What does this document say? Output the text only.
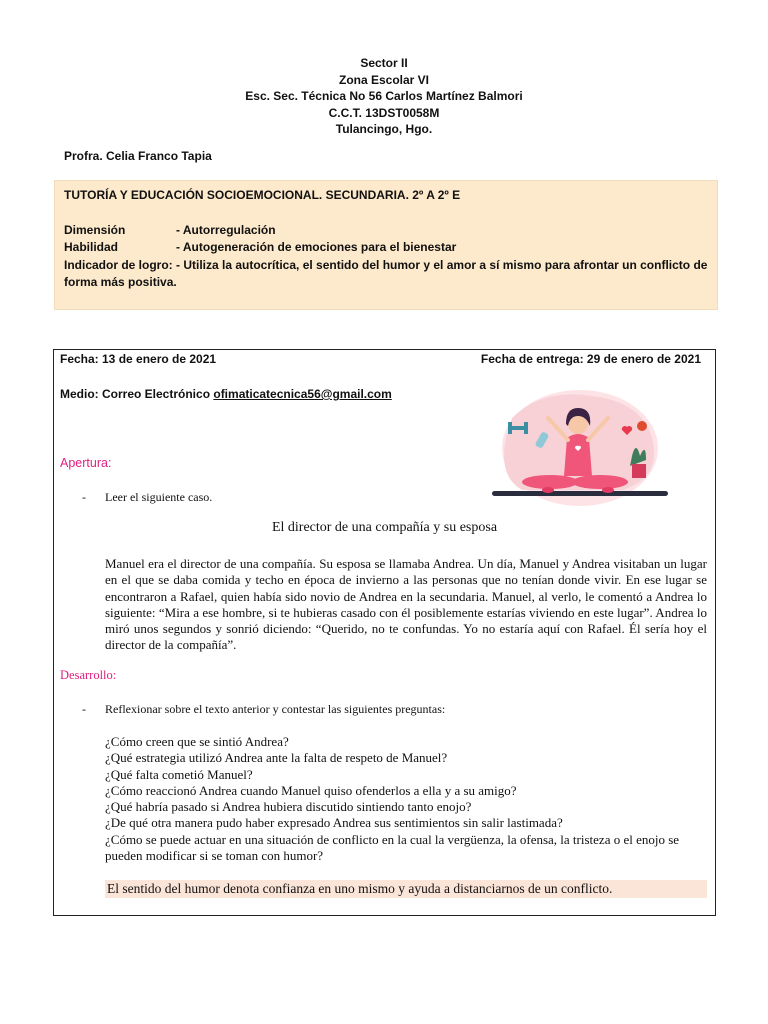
Sector II
Zona Escolar VI
Esc. Sec. Técnica No 56 Carlos Martínez Balmori
C.C.T. 13DST0058M
Tulancingo, Hgo.
Profra. Celia Franco Tapia
TUTORÍA Y EDUCACIÓN SOCIOEMOCIONAL. SECUNDARIA. 2º A 2º E
Dimensión	- Autorregulación
Habilidad	- Autogeneración de emociones para el bienestar
Indicador de logro: - Utiliza la autocrítica, el sentido del humor y el amor a sí mismo para afrontar un conflicto de forma más positiva.
Fecha: 13 de enero de 2021	Fecha de entrega: 29 de enero de 2021
Medio: Correo Electrónico ofimaticatecnica56@gmail.com
Apertura:
- Leer el siguiente caso.
El director de una compañía y su esposa
Manuel era el director de una compañía. Su esposa se llamaba Andrea. Un día, Manuel y Andrea visitaban un lugar en el que se daba comida y techo en época de invierno a las personas que no tenían donde vivir. En ese lugar se encontraron a Rafael, quien había sido novio de Andrea en la secundaria. Manuel, al verlo, le comentó a Andrea lo siguiente: “Mira a ese hombre, si te hubieras casado con él posiblemente estarías viviendo en este lugar”. Andrea lo miró unos segundos y sonrió diciendo: “Querido, no te confundas. Yo no estaría aquí con Rafael. Él sería hoy el director de la compañía”.
Desarrollo:
- Reflexionar sobre el texto anterior y contestar las siguientes preguntas:
¿Cómo creen que se sintió Andrea?
¿Qué estrategia utilizó Andrea ante la falta de respeto de Manuel?
¿Qué falta cometió Manuel?
¿Cómo reaccionó Andrea cuando Manuel quiso ofenderlos a ella y a su amigo?
¿Qué habría pasado si Andrea hubiera discutido sintiendo tanto enojo?
¿De qué otra manera pudo haber expresado Andrea sus sentimientos sin salir lastimada?
¿Cómo se puede actuar en una situación de conflicto en la cual la vergüenza, la ofensa, la tristeza o el enojo se pueden modificar si se toman con humor?
El sentido del humor denota confianza en uno mismo y ayuda a distanciarnos de un conflicto.
